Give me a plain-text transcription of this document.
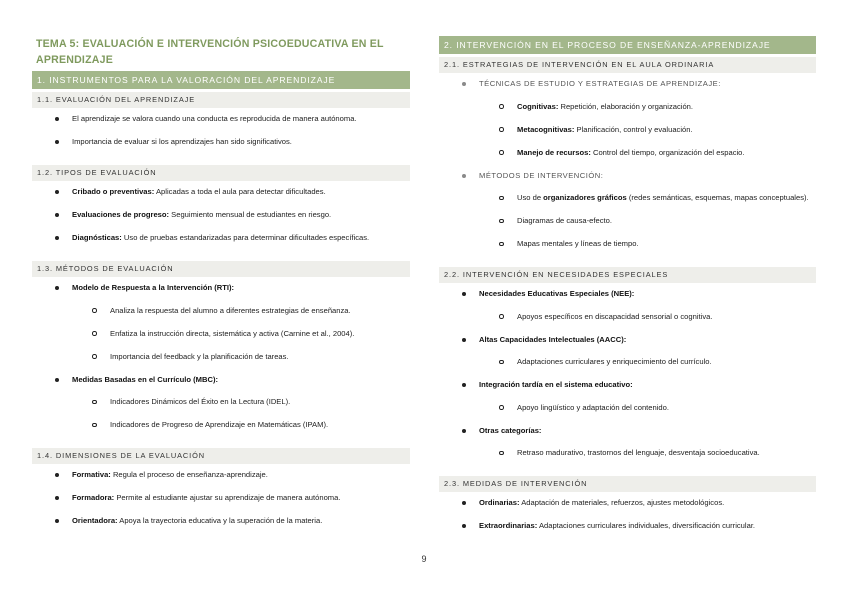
TEMA 5: EVALUACIÓN E INTERVENCIÓN PSICOEDUCATIVA EN EL APRENDIZAJE
1. INSTRUMENTOS PARA LA VALORACIÓN DEL APRENDIZAJE
1.1. EVALUACIÓN DEL APRENDIZAJE
El aprendizaje se valora cuando una conducta es reproducida de manera autónoma.
Importancia de evaluar si los aprendizajes han sido significativos.
1.2. TIPOS DE EVALUACIÓN
Cribado o preventivas: Aplicadas a toda el aula para detectar dificultades.
Evaluaciones de progreso: Seguimiento mensual de estudiantes en riesgo.
Diagnósticas: Uso de pruebas estandarizadas para determinar dificultades específicas.
1.3. MÉTODOS DE EVALUACIÓN
Modelo de Respuesta a la Intervención (RTI):
Analiza la respuesta del alumno a diferentes estrategias de enseñanza.
Enfatiza la instrucción directa, sistemática y activa (Carnine et al., 2004).
Importancia del feedback y la planificación de tareas.
Medidas Basadas en el Currículo (MBC):
Indicadores Dinámicos del Éxito en la Lectura (IDEL).
Indicadores de Progreso de Aprendizaje en Matemáticas (IPAM).
1.4. DIMENSIONES DE LA EVALUACIÓN
Formativa: Regula el proceso de enseñanza-aprendizaje.
Formadora: Permite al estudiante ajustar su aprendizaje de manera autónoma.
Orientadora: Apoya la trayectoria educativa y la superación de la materia.
2. INTERVENCIÓN EN EL PROCESO DE ENSEÑANZA-APRENDIZAJE
2.1. ESTRATEGIAS DE INTERVENCIÓN EN EL AULA ORDINARIA
TÉCNICAS DE ESTUDIO Y ESTRATEGIAS DE APRENDIZAJE:
Cognitivas: Repetición, elaboración y organización.
Metacognitivas: Planificación, control y evaluación.
Manejo de recursos: Control del tiempo, organización del espacio.
MÉTODOS DE INTERVENCIÓN:
Uso de organizadores gráficos (redes semánticas, esquemas, mapas conceptuales).
Diagramas de causa-efecto.
Mapas mentales y líneas de tiempo.
2.2. INTERVENCIÓN EN NECESIDADES ESPECIALES
Necesidades Educativas Especiales (NEE):
Apoyos específicos en discapacidad sensorial o cognitiva.
Altas Capacidades Intelectuales (AACC):
Adaptaciones curriculares y enriquecimiento del currículo.
Integración tardía en el sistema educativo:
Apoyo lingüístico y adaptación del contenido.
Otras categorías:
Retraso madurativo, trastornos del lenguaje, desventaja socioeducativa.
2.3. MEDIDAS DE INTERVENCIÓN
Ordinarias: Adaptación de materiales, refuerzos, ajustes metodológicos.
Extraordinarias: Adaptaciones curriculares individuales, diversificación curricular.
9
